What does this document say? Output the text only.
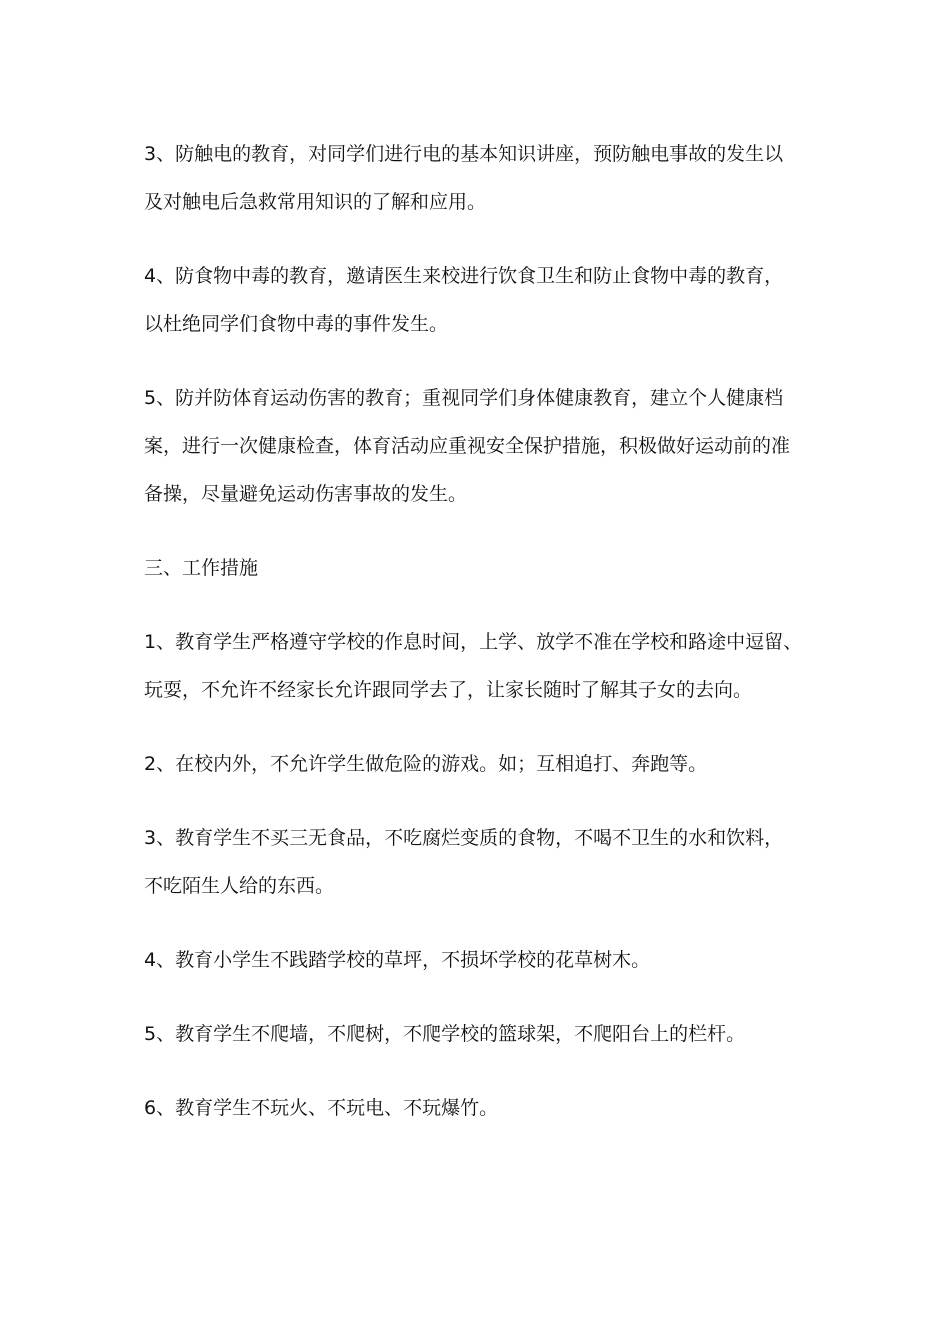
3、防触电的教育，对同学们进行电的基本知识讲座，预防触电事故的发生以
及对触电后急救常用知识的了解和应用。

4、防食物中毒的教育，邀请医生来校进行饮食卫生和防止食物中毒的教育，
以杜绝同学们食物中毒的事件发生。

5、防并防体育运动伤害的教育；重视同学们身体健康教育，建立个人健康档
案，进行一次健康检查，体育活动应重视安全保护措施，积极做好运动前的准
备操，尽量避免运动伤害事故的发生。

三、工作措施

1、教育学生严格遵守学校的作息时间，上学、放学不准在学校和路途中逗留、
玩耍，不允许不经家长允许跟同学去了，让家长随时了解其子女的去向。

2、在校内外，不允许学生做危险的游戏。如；互相追打、奔跑等。

3、教育学生不买三无食品，不吃腐烂变质的食物，不喝不卫生的水和饮料，
不吃陌生人给的东西。

4、教育小学生不践踏学校的草坪，不损坏学校的花草树木。

5、教育学生不爬墙，不爬树，不爬学校的篮球架，不爬阳台上的栏杆。

6、教育学生不玩火、不玩电、不玩爆竹。
